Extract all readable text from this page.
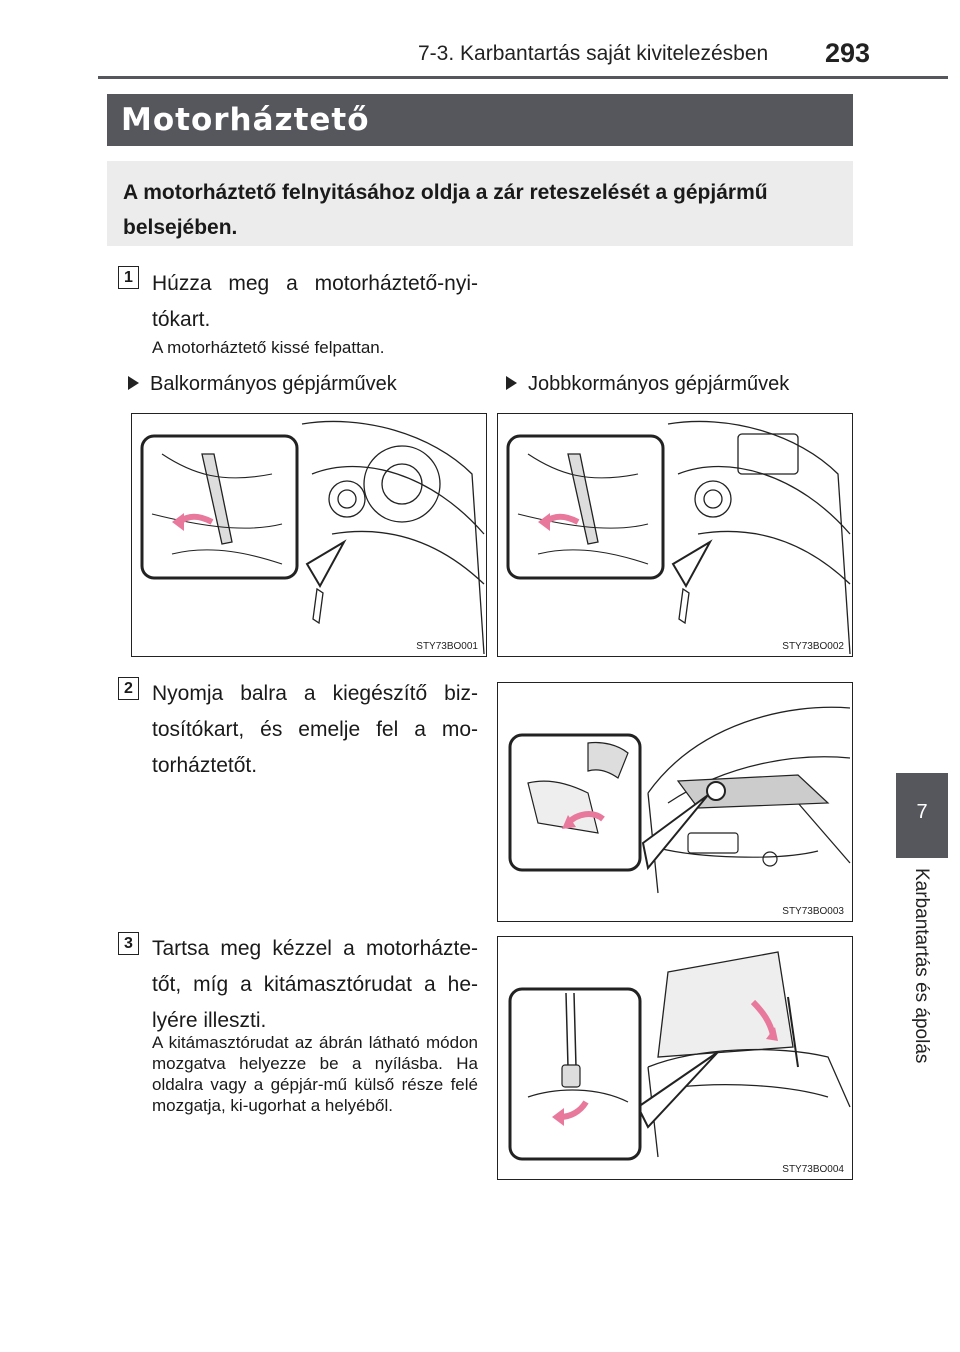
7-3. Karbantartás saját kivitelezésben 293
Motorháztető
A motorháztető felnyitásához oldja a zár reteszelését a gépjármű belsejében.
1 Húzza meg a motorháztető-nyi-tókart.
A motorháztető kissé felpattan.
Balkormányos gépjárművek	Jobbkormányos gépjárművek
STY73BO001	STY73BO002
2 Nyomja balra a kiegészítő biz-tosítókart, és emelje fel a mo-torháztetőt.
STY73BO003
3 Tartsa meg kézzel a motorházte-tőt, míg a kitámasztórudat a he-lyére illeszti.
A kitámasztórudat az ábrán látható módon mozgatva helyezze be a nyílásba. Ha oldalra vagy a gépjár-mű külső része felé mozgatja, ki-ugorhat a helyéből.
STY73BO004
7
Karbantartás és ápolás
